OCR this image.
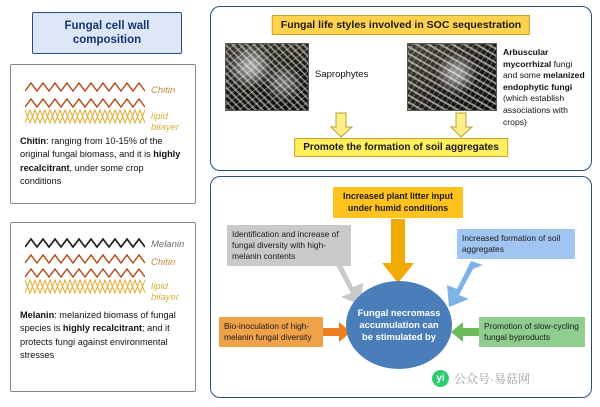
Fungal cell wall composition
Chitin
lipid bilayer
Chitin: ranging from 10-15% of the original fungal biomass, and it is highly recalcitrant, under some crop conditions
Melanin
Chitin
lipid bilayer
Melanin: melanized biomass of fungal species is highly recalcitrant; and it protects fungi against environmental stresses
Fungal life styles involved in SOC sequestration
Saprophytes
Arbuscular mycorrhizal fungi and some melanized endophytic fungi (which establish associations with crops)
Promote the formation of soil aggregates
Increased plant litter input under humid conditions
Identification and increase of fungal diversity with high-melanin contents
Increased formation of soil aggregates
Bio-inoculation of high-melanin fungal diversity
Promotion of slow-cycling fungal byproducts
Fungal necromass accumulation can be stimulated by
yi 公众号·易菇网
